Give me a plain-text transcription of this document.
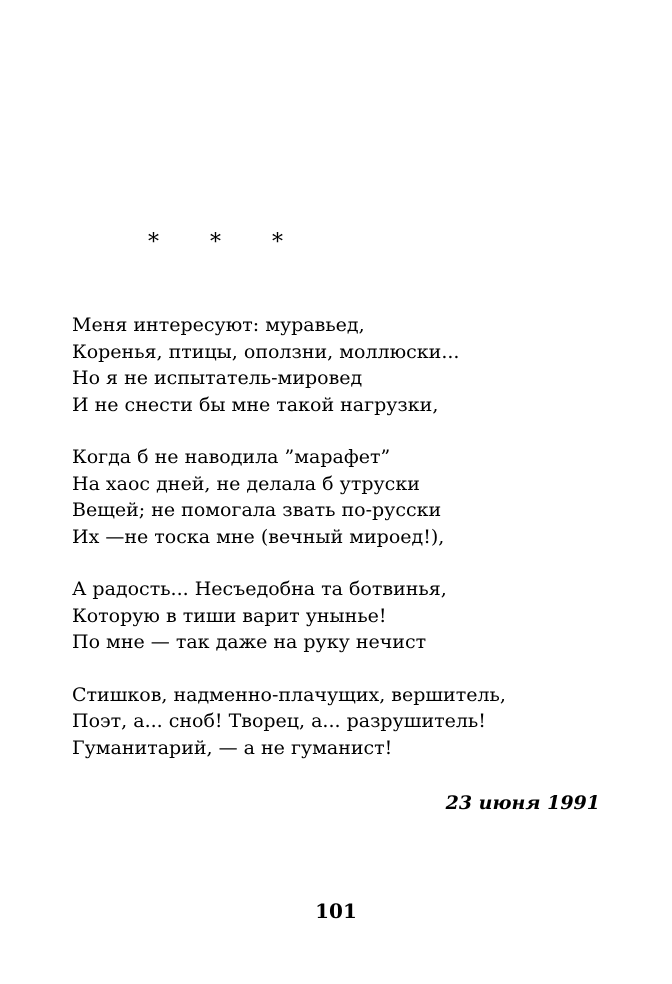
* * *
Меня интересуют: муравьед,
Коренья, птицы, оползни, моллюски...
Но я не испытатель-мировед
И не снести бы мне такой нагрузки,
Когда б не наводила ”марафет”
На хаос дней, не делала б утруски
Вещей; не помогала звать по-русски
Их —не тоска мне (вечный мироед!),
А радость... Несъедобна та ботвинья,
Которую в тиши варит унынье!
По мне — так даже на руку нечист
Стишков, надменно-плачущих, вершитель,
Поэт, а... сноб! Творец, а... разрушитель!
Гуманитарий, — а не гуманист!
23 июня 1991
101
